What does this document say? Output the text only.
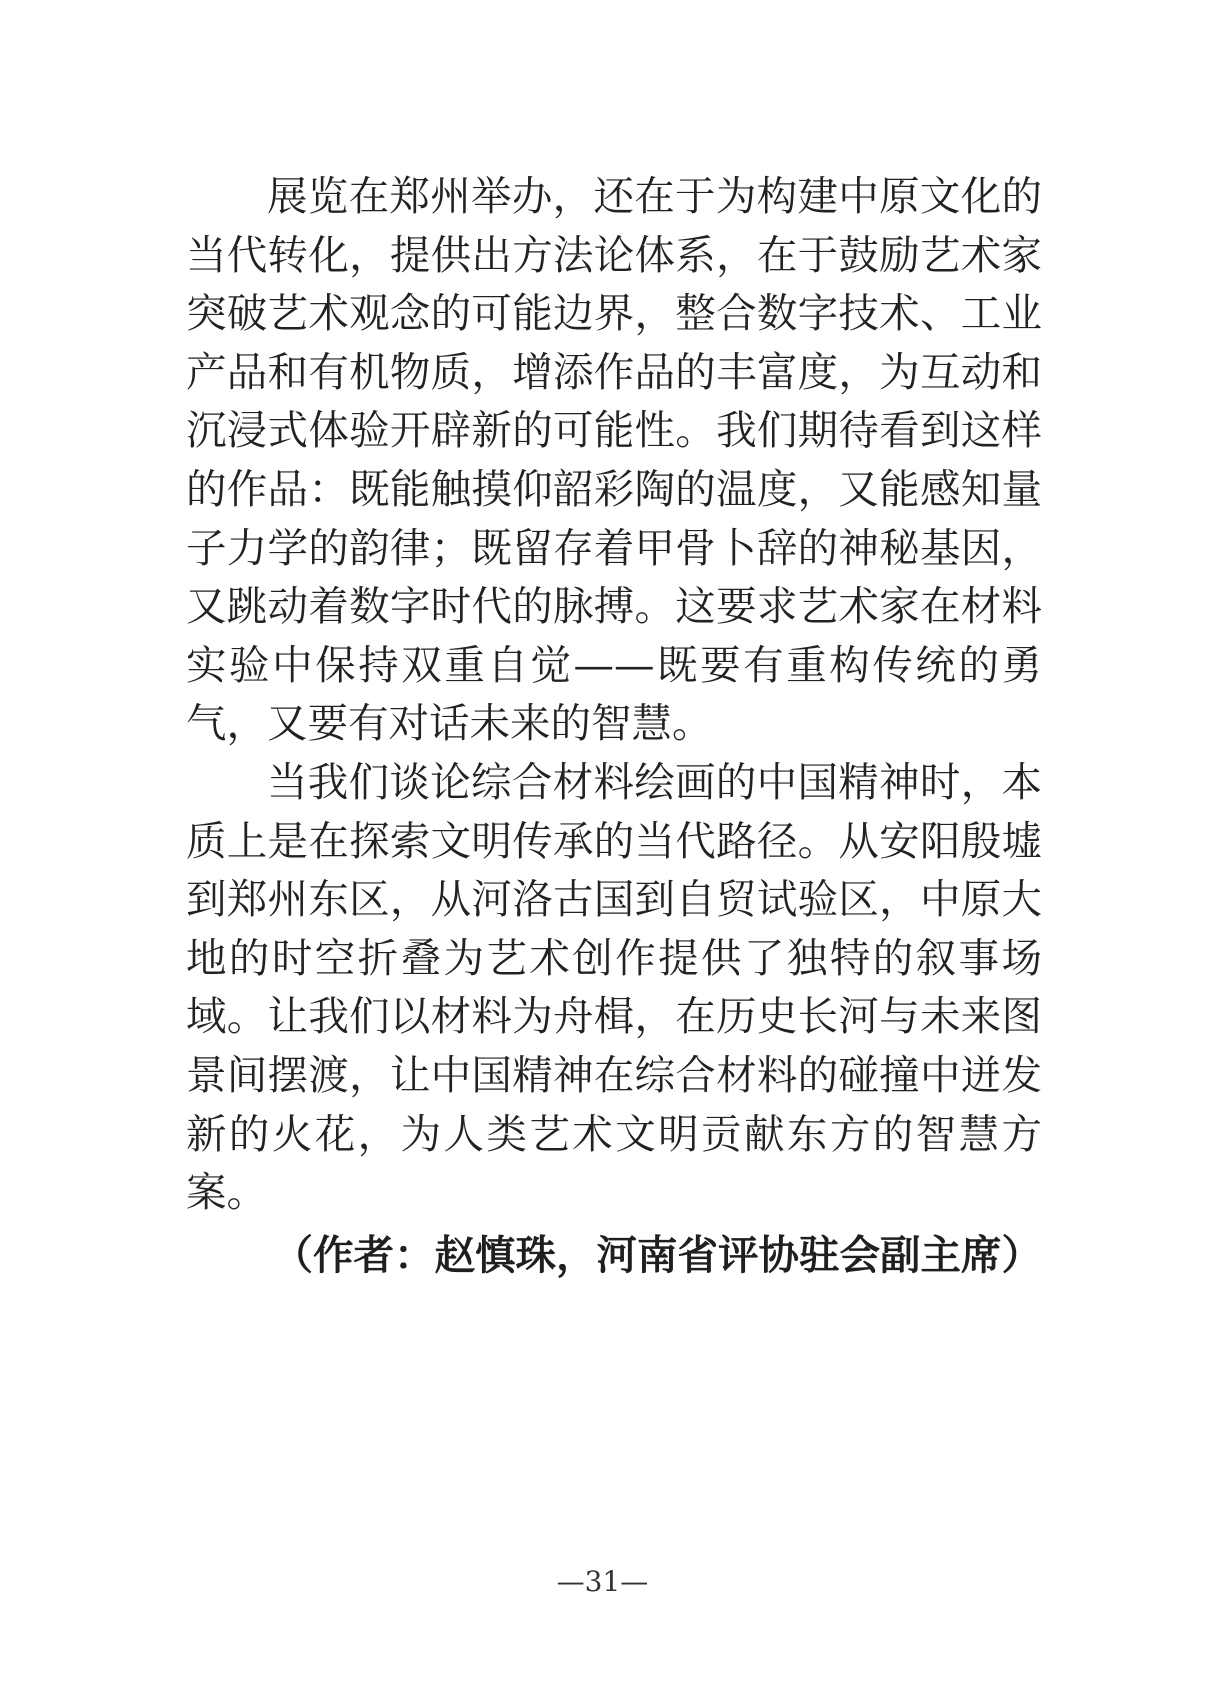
展览在郑州举办，还在于为构建中原文化的当代转化，提供出方法论体系，在于鼓励艺术家突破艺术观念的可能边界，整合数字技术、工业产品和有机物质，增添作品的丰富度，为互动和沉浸式体验开辟新的可能性。我们期待看到这样的作品：既能触摸仰韶彩陶的温度，又能感知量子力学的韵律；既留存着甲骨卜辞的神秘基因，又跳动着数字时代的脉搏。这要求艺术家在材料实验中保持双重自觉——既要有重构传统的勇气，又要有对话未来的智慧。

当我们谈论综合材料绘画的中国精神时，本质上是在探索文明传承的当代路径。从安阳殷墟到郑州东区，从河洛古国到自贸试验区，中原大地的时空折叠为艺术创作提供了独特的叙事场域。让我们以材料为舟楫，在历史长河与未来图景间摆渡，让中国精神在综合材料的碰撞中迸发新的火花，为人类艺术文明贡献东方的智慧方案。

（作者：赵慎珠，河南省评协驻会副主席）

—31—
